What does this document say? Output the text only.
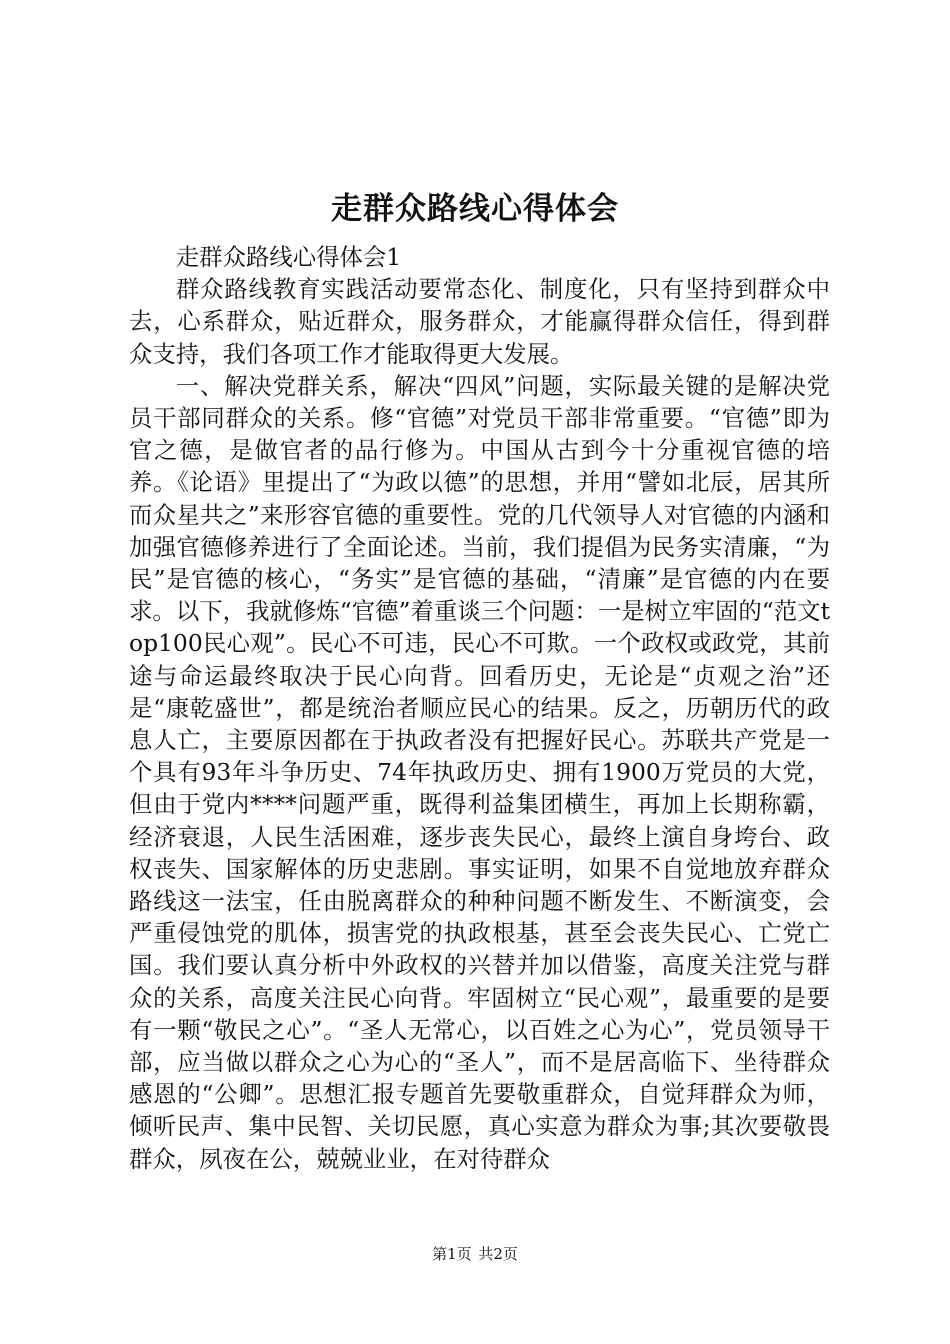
走群众路线心得体会

走群众路线心得体会1

群众路线教育实践活动要常态化、制度化，只有坚持到群众中去，心系群众，贴近群众，服务群众，才能赢得群众信任，得到群众支持，我们各项工作才能取得更大发展。

一、解决党群关系，解决“四风”问题，实际最关键的是解决党员干部同群众的关系。修“官德”对党员干部非常重要。“官德”即为官之德，是做官者的品行修为。中国从古到今十分重视官德的培养。《论语》里提出了“为政以德”的思想，并用“譬如北辰，居其所而众星共之”来形容官德的重要性。党的几代领导人对官德的内涵和加强官德修养进行了全面论述。当前，我们提倡为民务实清廉，“为民”是官德的核心，“务实”是官德的基础，“清廉”是官德的内在要求。以下，我就修炼“官德”着重谈三个问题：一是树立牢固的“范文top100民心观”。民心不可违，民心不可欺。一个政权或政党，其前途与命运最终取决于民心向背。回看历史，无论是“贞观之治”还是“康乾盛世”，都是统治者顺应民心的结果。反之，历朝历代的政息人亡，主要原因都在于执政者没有把握好民心。苏联共产党是一个具有93年斗争历史、74年执政历史、拥有1900万党员的大党，但由于党内****问题严重，既得利益集团横生，再加上长期称霸，经济衰退，人民生活困难，逐步丧失民心，最终上演自身垮台、政权丧失、国家解体的历史悲剧。事实证明，如果不自觉地放弃群众路线这一法宝，任由脱离群众的种种问题不断发生、不断演变，会严重侵蚀党的肌体，损害党的执政根基，甚至会丧失民心、亡党亡国。我们要认真分析中外政权的兴替并加以借鉴，高度关注党与群众的关系，高度关注民心向背。牢固树立“民心观”，最重要的是要有一颗“敬民之心”。“圣人无常心，以百姓之心为心”，党员领导干部，应当做以群众之心为心的“圣人”，而不是居高临下、坐待群众感恩的“公卿”。思想汇报专题首先要敬重群众，自觉拜群众为师，倾听民声、集中民智、关切民愿，真心实意为群众为事;其次要敬畏群众，夙夜在公，兢兢业业，在对待群众

第1页 共2页
